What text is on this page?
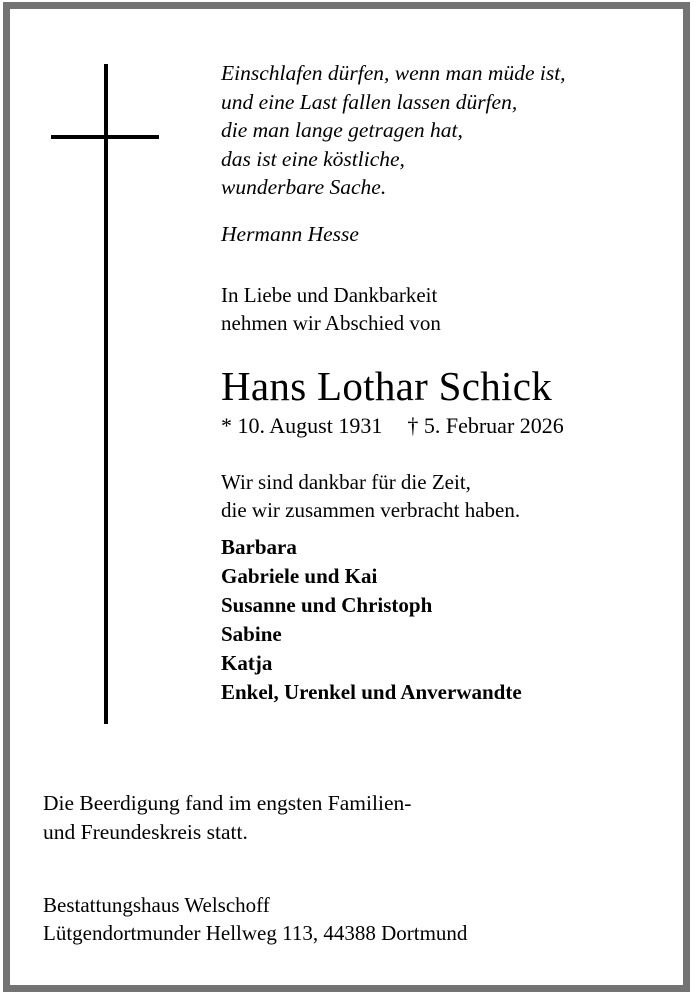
Einschlafen dürfen, wenn man müde ist,
und eine Last fallen lassen dürfen,
die man lange getragen hat,
das ist eine köstliche,
wunderbare Sache.
Hermann Hesse
In Liebe und Dankbarkeit
nehmen wir Abschied von
Hans Lothar Schick
* 10. August 1931 † 5. Februar 2026
Wir sind dankbar für die Zeit,
die wir zusammen verbracht haben.
Barbara
Gabriele und Kai
Susanne und Christoph
Sabine
Katja
Enkel, Urenkel und Anverwandte
Die Beerdigung fand im engsten Familien-
und Freundeskreis statt.
Bestattungshaus Welschoff
Lütgendortmunder Hellweg 113, 44388 Dortmund
